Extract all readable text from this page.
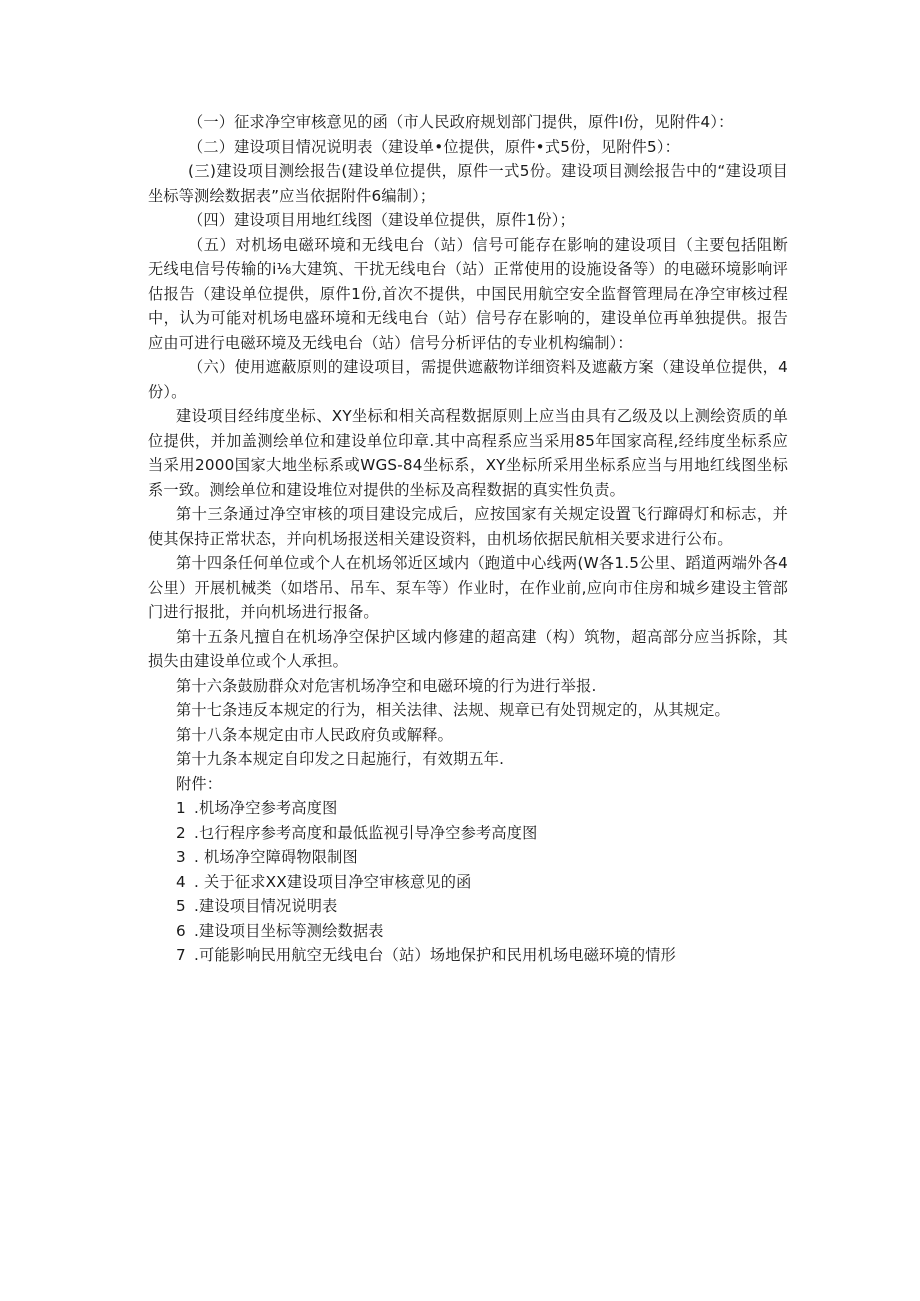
（一）征求净空审核意见的函（市人民政府规划部门提供，原件I份，见附件4）：

（二）建设项目情况说明表（建设单•位提供，原件•式5份，见附件5）：

(三)建设项目测绘报告(建设单位提供，原件一式5份。建设项目测绘报告中的“建设项目坐标等测绘数据表”应当依据附件6编制）；

（四）建设项目用地红线图（建设单位提供，原件1份）；

（五）对机场电磁环境和无线电台（站）信号可能存在影响的建设项目（主要包括阻断无线电信号传输的i⅛大建筑、干扰无线电台（站）正常使用的设施设备等）的电磁环境影响评估报告（建设单位提供，原件1份,首次不提供，中国民用航空安全监督管理局在净空审核过程中，认为可能对机场电盛环境和无线电台（站）信号存在影响的，建设单位再单独提供。报告应由可进行电磁环境及无线电台（站）信号分析评估的专业机构编制）：

（六）使用遮蔽原则的建设项目，需提供遮蔽物详细资料及遮蔽方案（建设单位提供，4份）。

建设项目经纬度坐标、XY坐标和相关高程数据原则上应当由具有乙级及以上测绘资质的单位提供，并加盖测绘单位和建设单位印章.其中高程系应当采用85年国家高程,经纬度坐标系应当采用2000国家大地坐标系或WGS-84坐标系，XY坐标所采用坐标系应当与用地红线图坐标系一致。测绘单位和建设堆位对提供的坐标及高程数据的真实性负责。

第十三条通过净空审核的项目建设完成后，应按国家有关规定设置飞行蹿碍灯和标志，并使其保持正常状态，并向机场报送相关建设资料，由机场依据民航相关要求进行公布。

第十四条任何单位或个人在机场邻近区域内（跑道中心线两(W各1.5公里、蹈道两端外各4公里）开展机械类（如塔吊、吊车、泵车等）作业时，在作业前,应向市住房和城乡建设主管部门进行报批，并向机场进行报备。

第十五条凡擅自在机场净空保护区域内修建的超高建（构）筑物，超高部分应当拆除，其损失由建设单位或个人承担。

第十六条鼓励群众对危害机场净空和电磁环境的行为进行举报.

第十七条违反本规定的行为，相关法律、法规、规章已有处罚规定的，从其规定。

第十八条本规定由市人民政府负或解释。

第十九条本规定自印发之日起施行，有效期五年.

附件：

1 .机场净空参考高度图

2 .乜行程序参考高度和最低监视引导净空参考高度图

3 . 机场净空障碍物限制图

4 . 关于征求XX建设项目净空审核意见的函

5 .建设项目情况说明表

6 .建设项目坐标等测绘数据表

7 .可能影响民用航空无线电台（站）场地保护和民用机场电磁环境的情形
